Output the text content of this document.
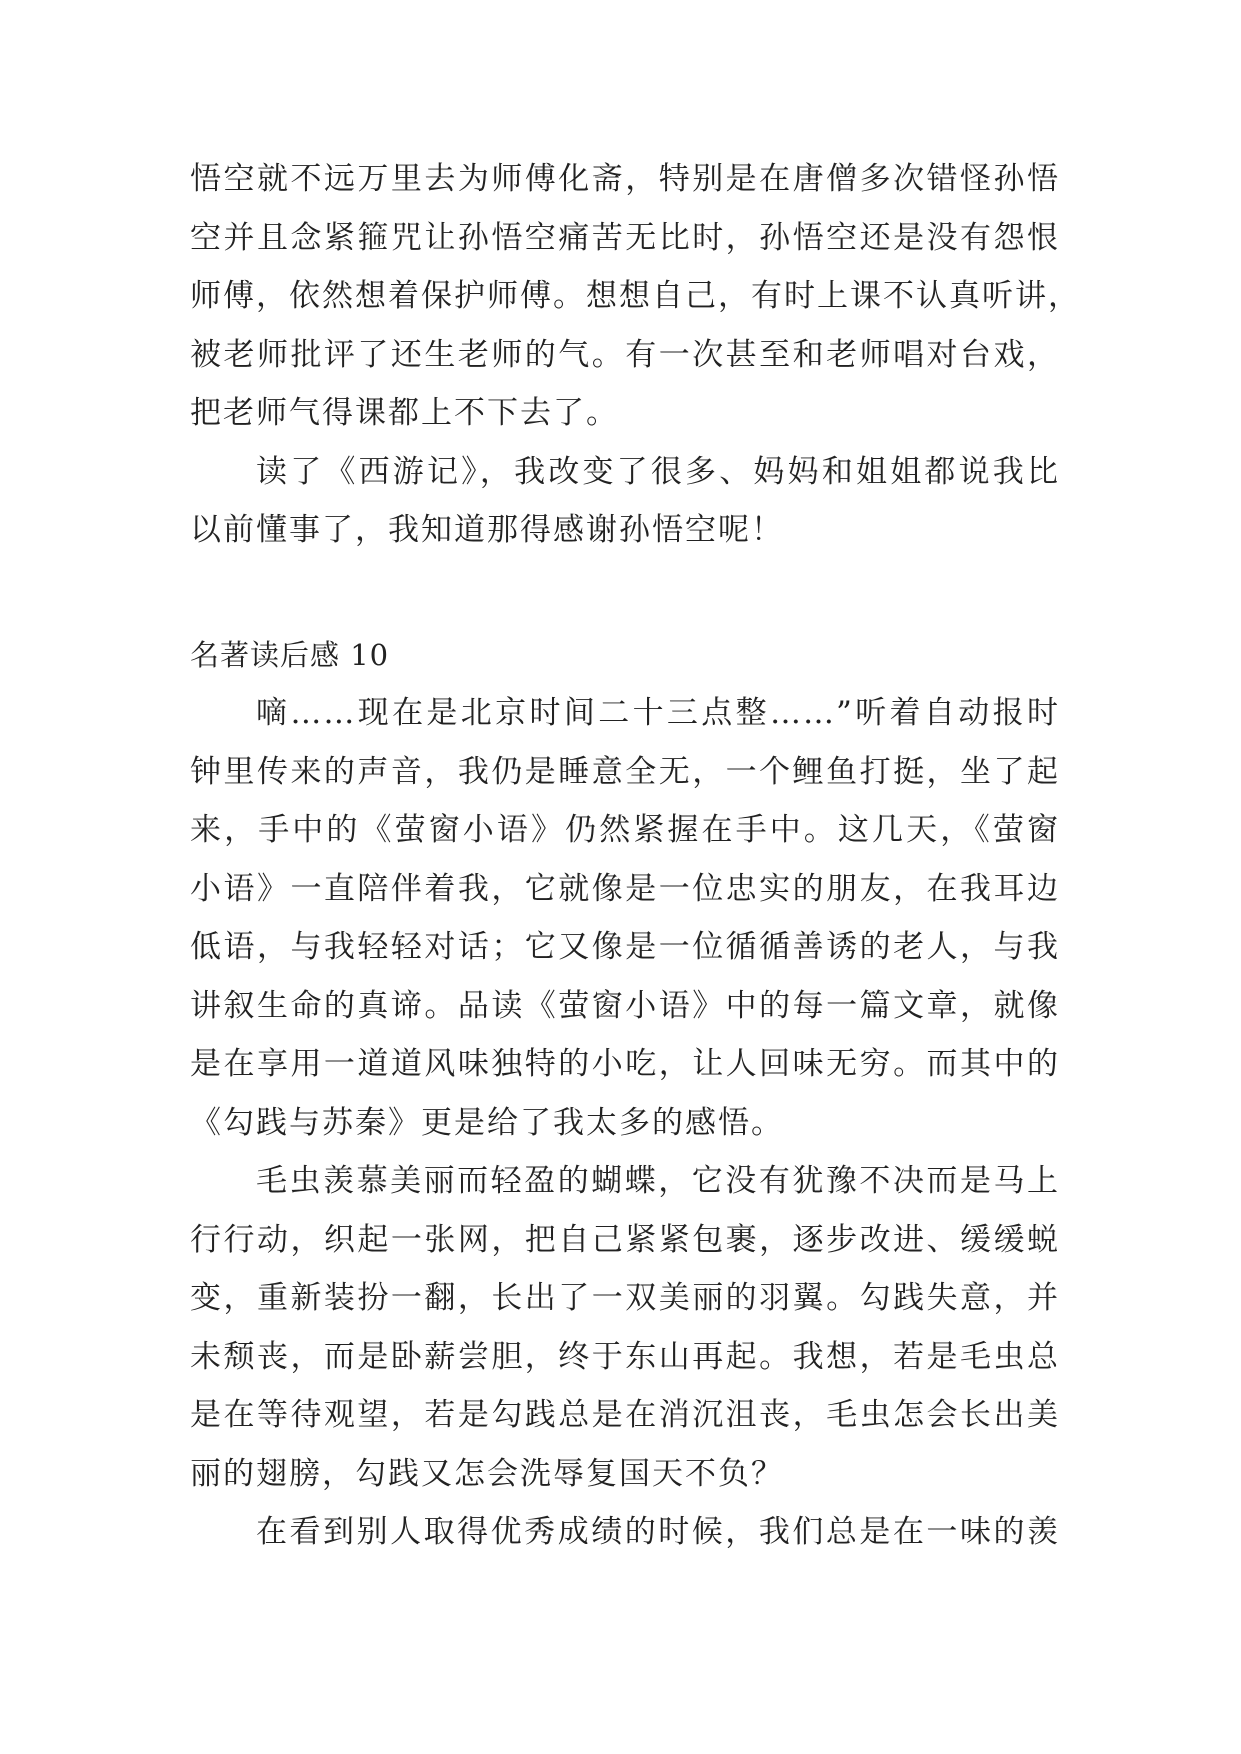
悟空就不远万里去为师傅化斋，特别是在唐僧多次错怪孙悟
空并且念紧箍咒让孙悟空痛苦无比时，孙悟空还是没有怨恨
师傅，依然想着保护师傅。想想自己，有时上课不认真听讲，
被老师批评了还生老师的气。有一次甚至和老师唱对台戏，
把老师气得课都上不下去了。
读了《西游记》，我改变了很多、妈妈和姐姐都说我比
以前懂事了，我知道那得感谢孙悟空呢！
名著读后感 10
嘀……现在是北京时间二十三点整……”听着自动报时
钟里传来的声音，我仍是睡意全无，一个鲤鱼打挺，坐了起
来，手中的《萤窗小语》仍然紧握在手中。这几天，《萤窗
小语》一直陪伴着我，它就像是一位忠实的朋友，在我耳边
低语，与我轻轻对话；它又像是一位循循善诱的老人，与我
讲叙生命的真谛。品读《萤窗小语》中的每一篇文章，就像
是在享用一道道风味独特的小吃，让人回味无穷。而其中的
《勾践与苏秦》更是给了我太多的感悟。
毛虫羡慕美丽而轻盈的蝴蝶，它没有犹豫不决而是马上
行行动，织起一张网，把自己紧紧包裹，逐步改进、缓缓蜕
变，重新装扮一翻，长出了一双美丽的羽翼。勾践失意，并
未颓丧，而是卧薪尝胆，终于东山再起。我想，若是毛虫总
是在等待观望，若是勾践总是在消沉沮丧，毛虫怎会长出美
丽的翅膀，勾践又怎会洗辱复国天不负？
在看到别人取得优秀成绩的时候，我们总是在一味的羡
